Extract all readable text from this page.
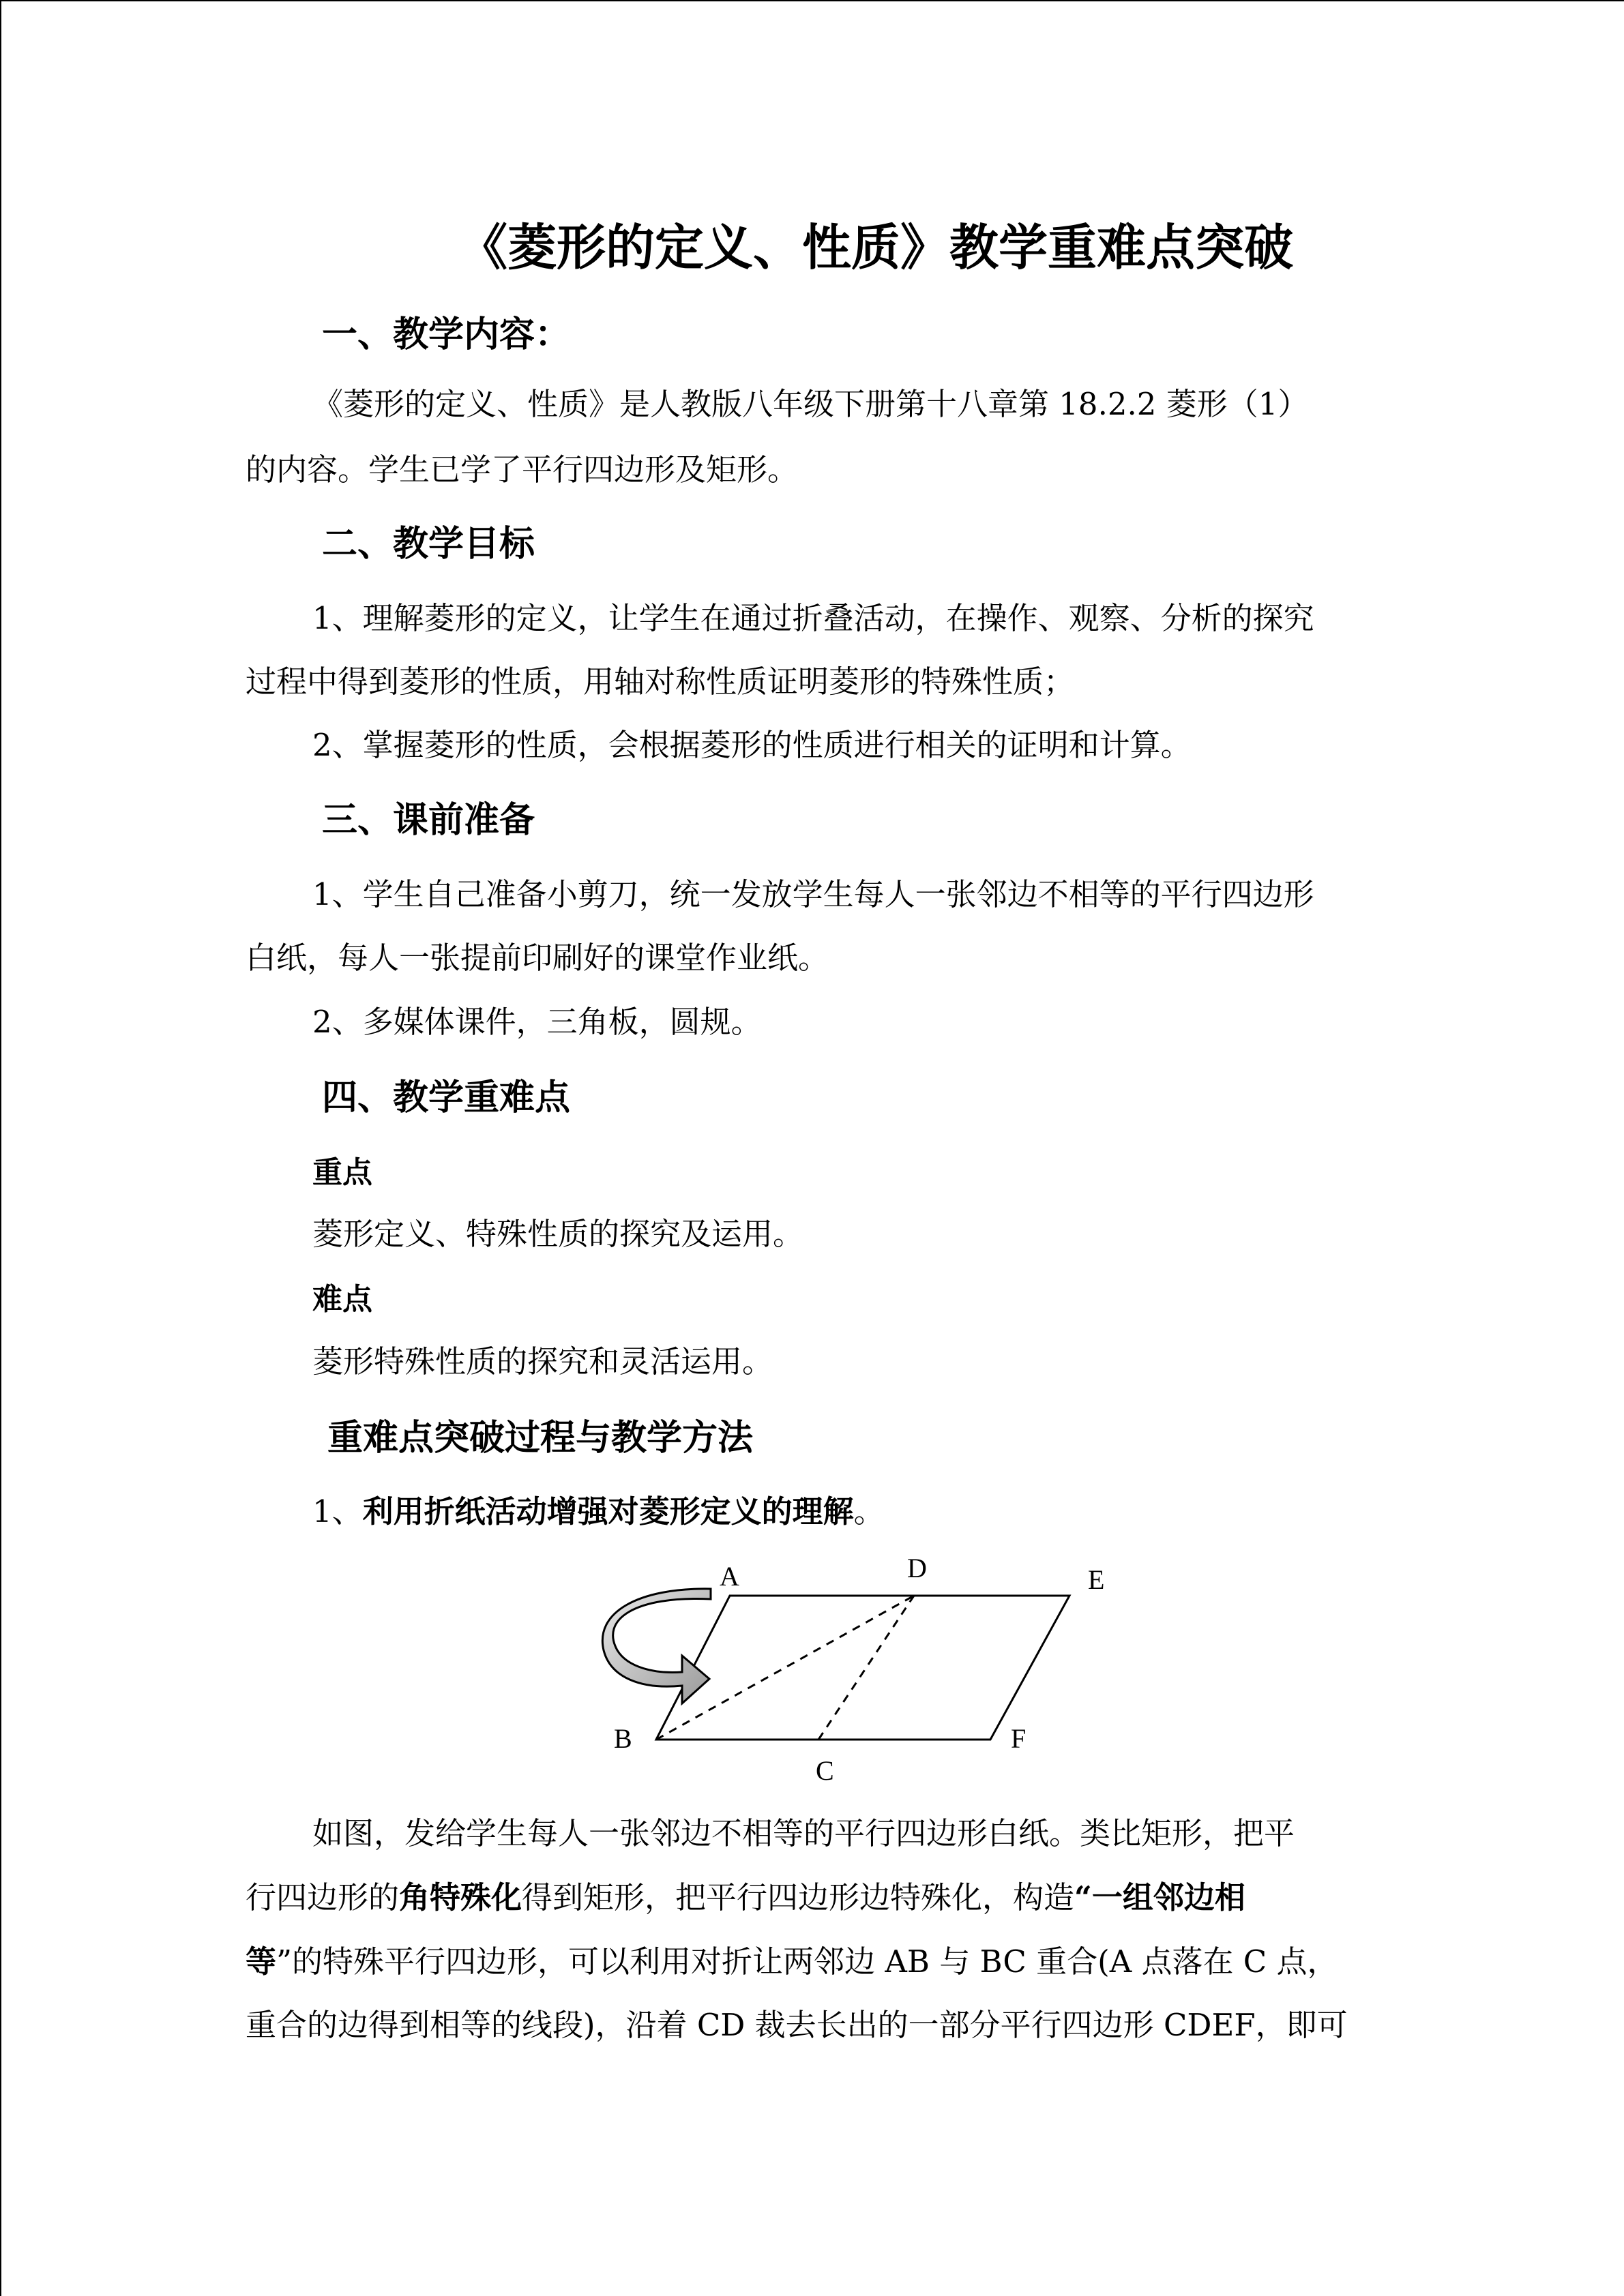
《菱形的定义、性质》教学重难点突破
一、教学内容：
《菱形的定义、性质》是人教版八年级下册第十八章第 18.2.2 菱形（1）
的内容。学生已学了平行四边形及矩形。
二、教学目标
1、理解菱形的定义，让学生在通过折叠活动，在操作、观察、分析的探究
过程中得到菱形的性质，用轴对称性质证明菱形的特殊性质；
2、掌握菱形的性质，会根据菱形的性质进行相关的证明和计算。
三、课前准备
1、学生自己准备小剪刀，统一发放学生每人一张邻边不相等的平行四边形
白纸，每人一张提前印刷好的课堂作业纸。
2、多媒体课件，三角板，圆规。
四、教学重难点
重点
菱形定义、特殊性质的探究及运用。
难点
菱形特殊性质的探究和灵活运用。
重难点突破过程与教学方法
1、利用折纸活动增强对菱形定义的理解。
A	D	E
B	F
C
如图，发给学生每人一张邻边不相等的平行四边形白纸。类比矩形，把平
行四边形的角特殊化得到矩形，把平行四边形边特殊化，构造“一组邻边相
等”的特殊平行四边形，可以利用对折让两邻边 AB 与 BC 重合(A 点落在 C 点，
重合的边得到相等的线段)，沿着 CD 裁去长出的一部分平行四边形 CDEF，即可
